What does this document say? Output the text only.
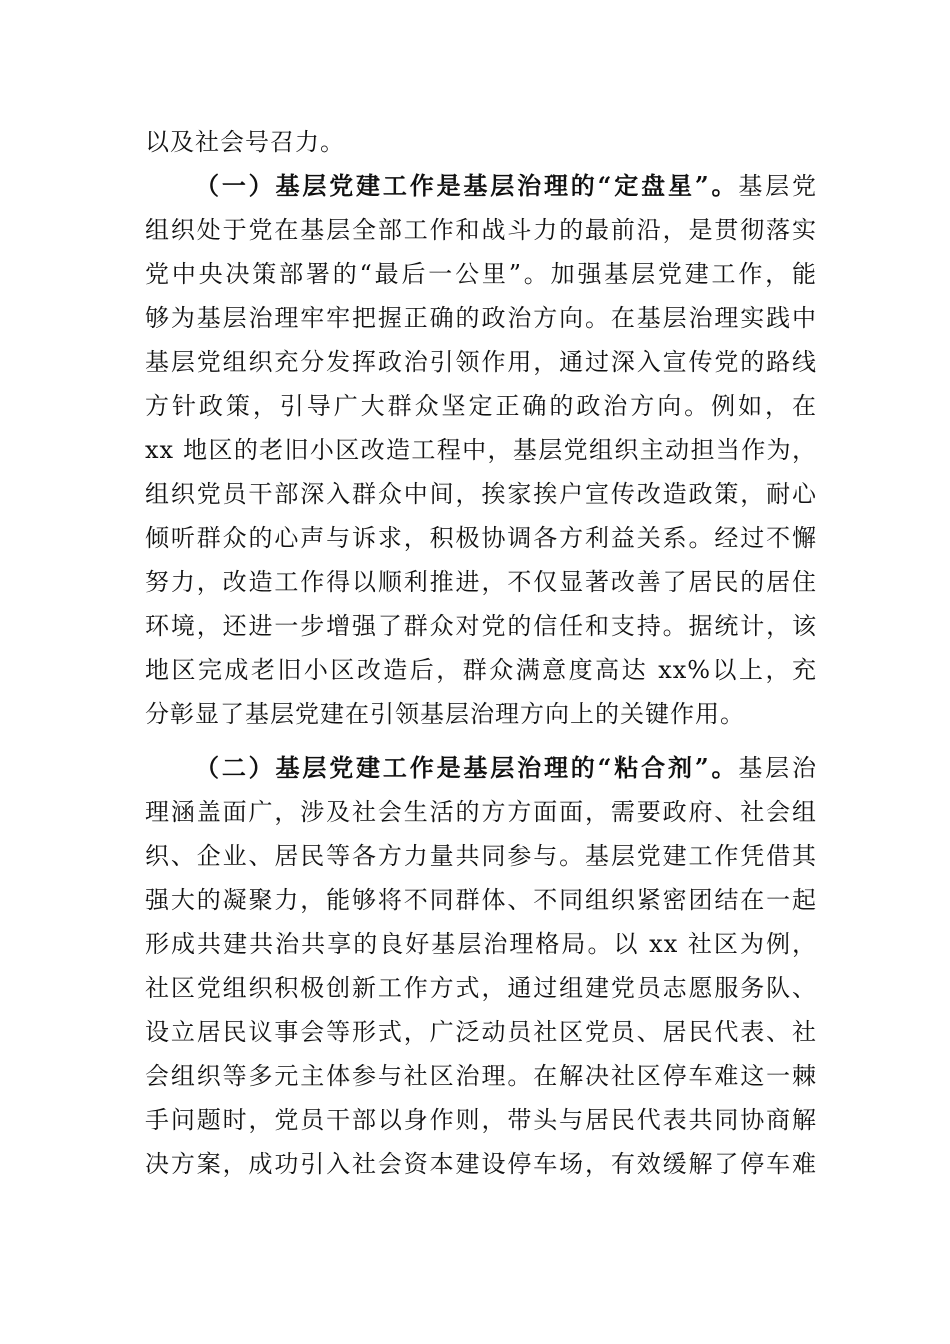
以及社会号召力。
（一）基层党建工作是基层治理的“定盘星”。基层党
组织处于党在基层全部工作和战斗力的最前沿，是贯彻落实
党中央决策部署的“最后一公里”。加强基层党建工作，能
够为基层治理牢牢把握正确的政治方向。在基层治理实践中
基层党组织充分发挥政治引领作用，通过深入宣传党的路线
方针政策，引导广大群众坚定正确的政治方向。例如，在
xx 地区的老旧小区改造工程中，基层党组织主动担当作为，
组织党员干部深入群众中间，挨家挨户宣传改造政策，耐心
倾听群众的心声与诉求，积极协调各方利益关系。经过不懈
努力，改造工作得以顺利推进，不仅显著改善了居民的居住
环境，还进一步增强了群众对党的信任和支持。据统计，该
地区完成老旧小区改造后，群众满意度高达 xx%以上，充
分彰显了基层党建在引领基层治理方向上的关键作用。
（二）基层党建工作是基层治理的“粘合剂”。基层治
理涵盖面广，涉及社会生活的方方面面，需要政府、社会组
织、企业、居民等各方力量共同参与。基层党建工作凭借其
强大的凝聚力，能够将不同群体、不同组织紧密团结在一起
形成共建共治共享的良好基层治理格局。以 xx 社区为例，
社区党组织积极创新工作方式，通过组建党员志愿服务队、
设立居民议事会等形式，广泛动员社区党员、居民代表、社
会组织等多元主体参与社区治理。在解决社区停车难这一棘
手问题时，党员干部以身作则，带头与居民代表共同协商解
决方案，成功引入社会资本建设停车场，有效缓解了停车难
